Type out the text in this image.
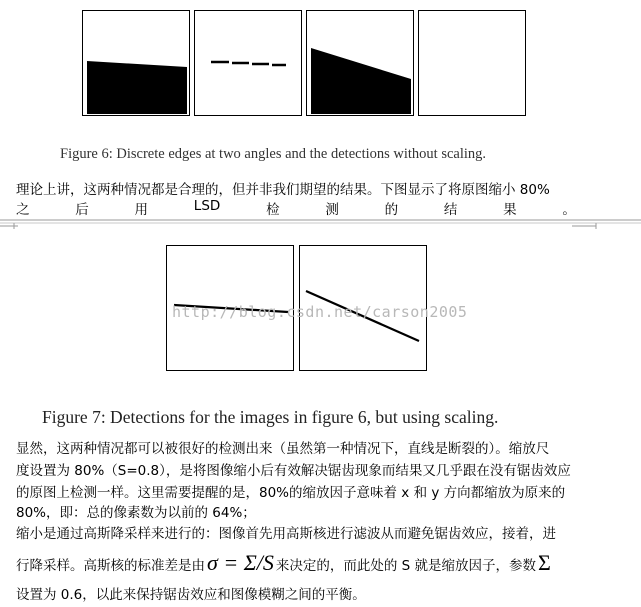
Figure 6: Discrete edges at two angles and the detections without scaling.
理论上讲，这两种情况都是合理的，但并非我们期望的结果。下图显示了将原图缩小 80%
之	后	用	LSD	检	测	的	结	果	。
http://blog.csdn.net/carson2005
Figure 7: Detections for the images in figure 6, but using scaling.
显然，这两种情况都可以被很好的检测出来（虽然第一种情况下，直线是断裂的）。缩放尺
度设置为 80%（S=0.8），是将图像缩小后有效解决锯齿现象而结果又几乎跟在没有锯齿效应
的原图上检测一样。这里需要提醒的是，80%的缩放因子意味着 x 和 y 方向都缩放为原来的
80%，即：总的像素数为以前的 64%；
缩小是通过高斯降采样来进行的：图像首先用高斯核进行滤波从而避免锯齿效应，接着，进
行降采样。高斯核的标准差是由 σ = Σ/S 来决定的，而此处的 S 就是缩放因子，参数 Σ
设置为 0.6，以此来保持锯齿效应和图像模糊之间的平衡。
